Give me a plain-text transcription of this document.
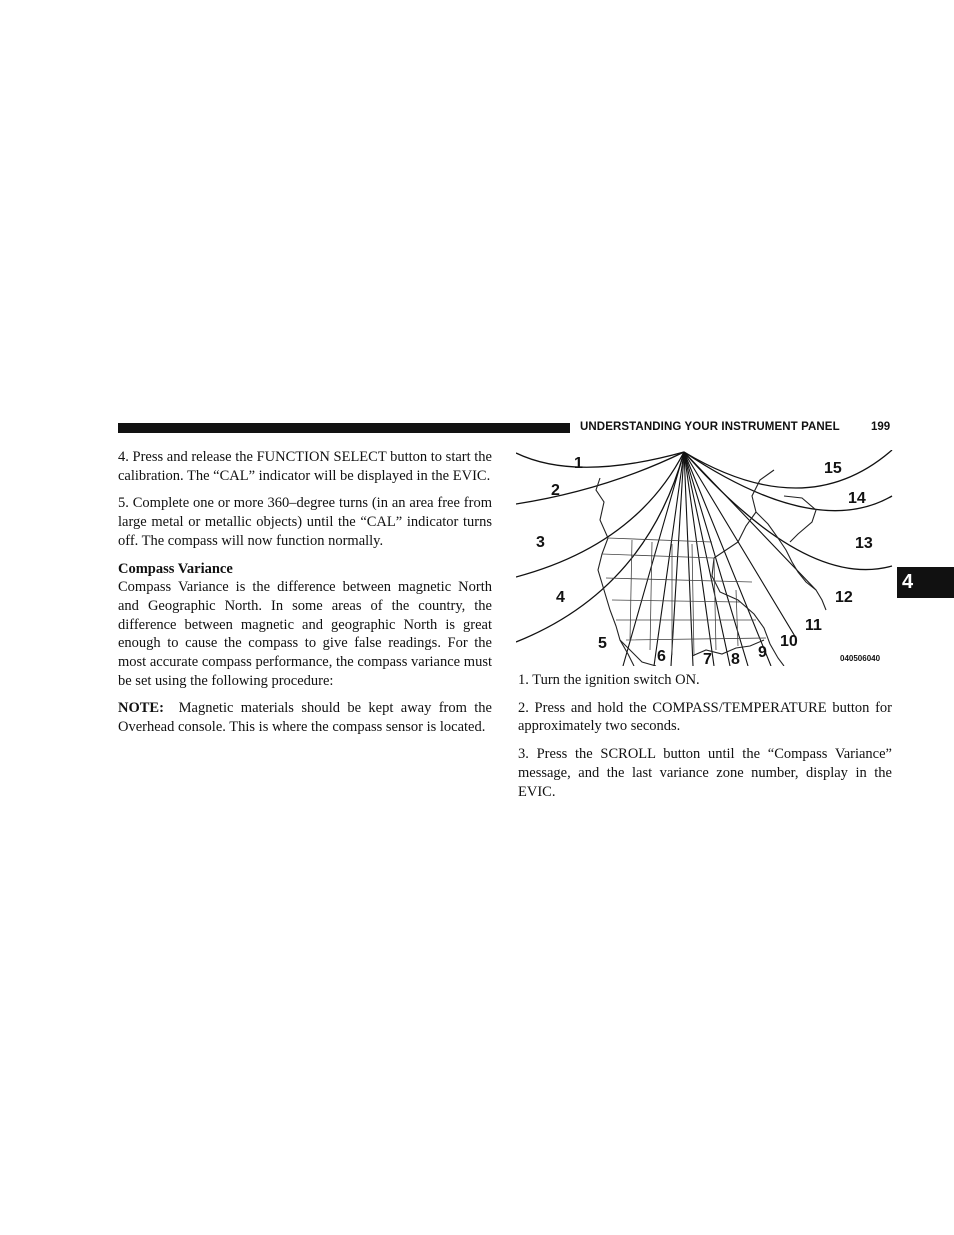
UNDERSTANDING YOUR INSTRUMENT PANEL	199
4

4. Press and release the FUNCTION SELECT button to start the calibration. The “CAL” indicator will be displayed in the EVIC.

5. Complete one or more 360–degree turns (in an area free from large metal or metallic objects) until the “CAL” indicator turns off. The compass will now function normally.

Compass Variance
Compass Variance is the difference between magnetic North and Geographic North. In some areas of the country, the difference between magnetic and geographic North is great enough to cause the compass to give false readings. For the most accurate compass performance, the compass variance must be set using the following procedure:

NOTE:  Magnetic materials should be kept away from the Overhead console. This is where the compass sensor is located.

1
2
3
4
5
6 7 8 9
10
11
12
13
14
15
040506040

1. Turn the ignition switch ON.

2. Press and hold the COMPASS/TEMPERATURE button for approximately two seconds.

3. Press the SCROLL button until the “Compass Variance” message, and the last variance zone number, display in the EVIC.
